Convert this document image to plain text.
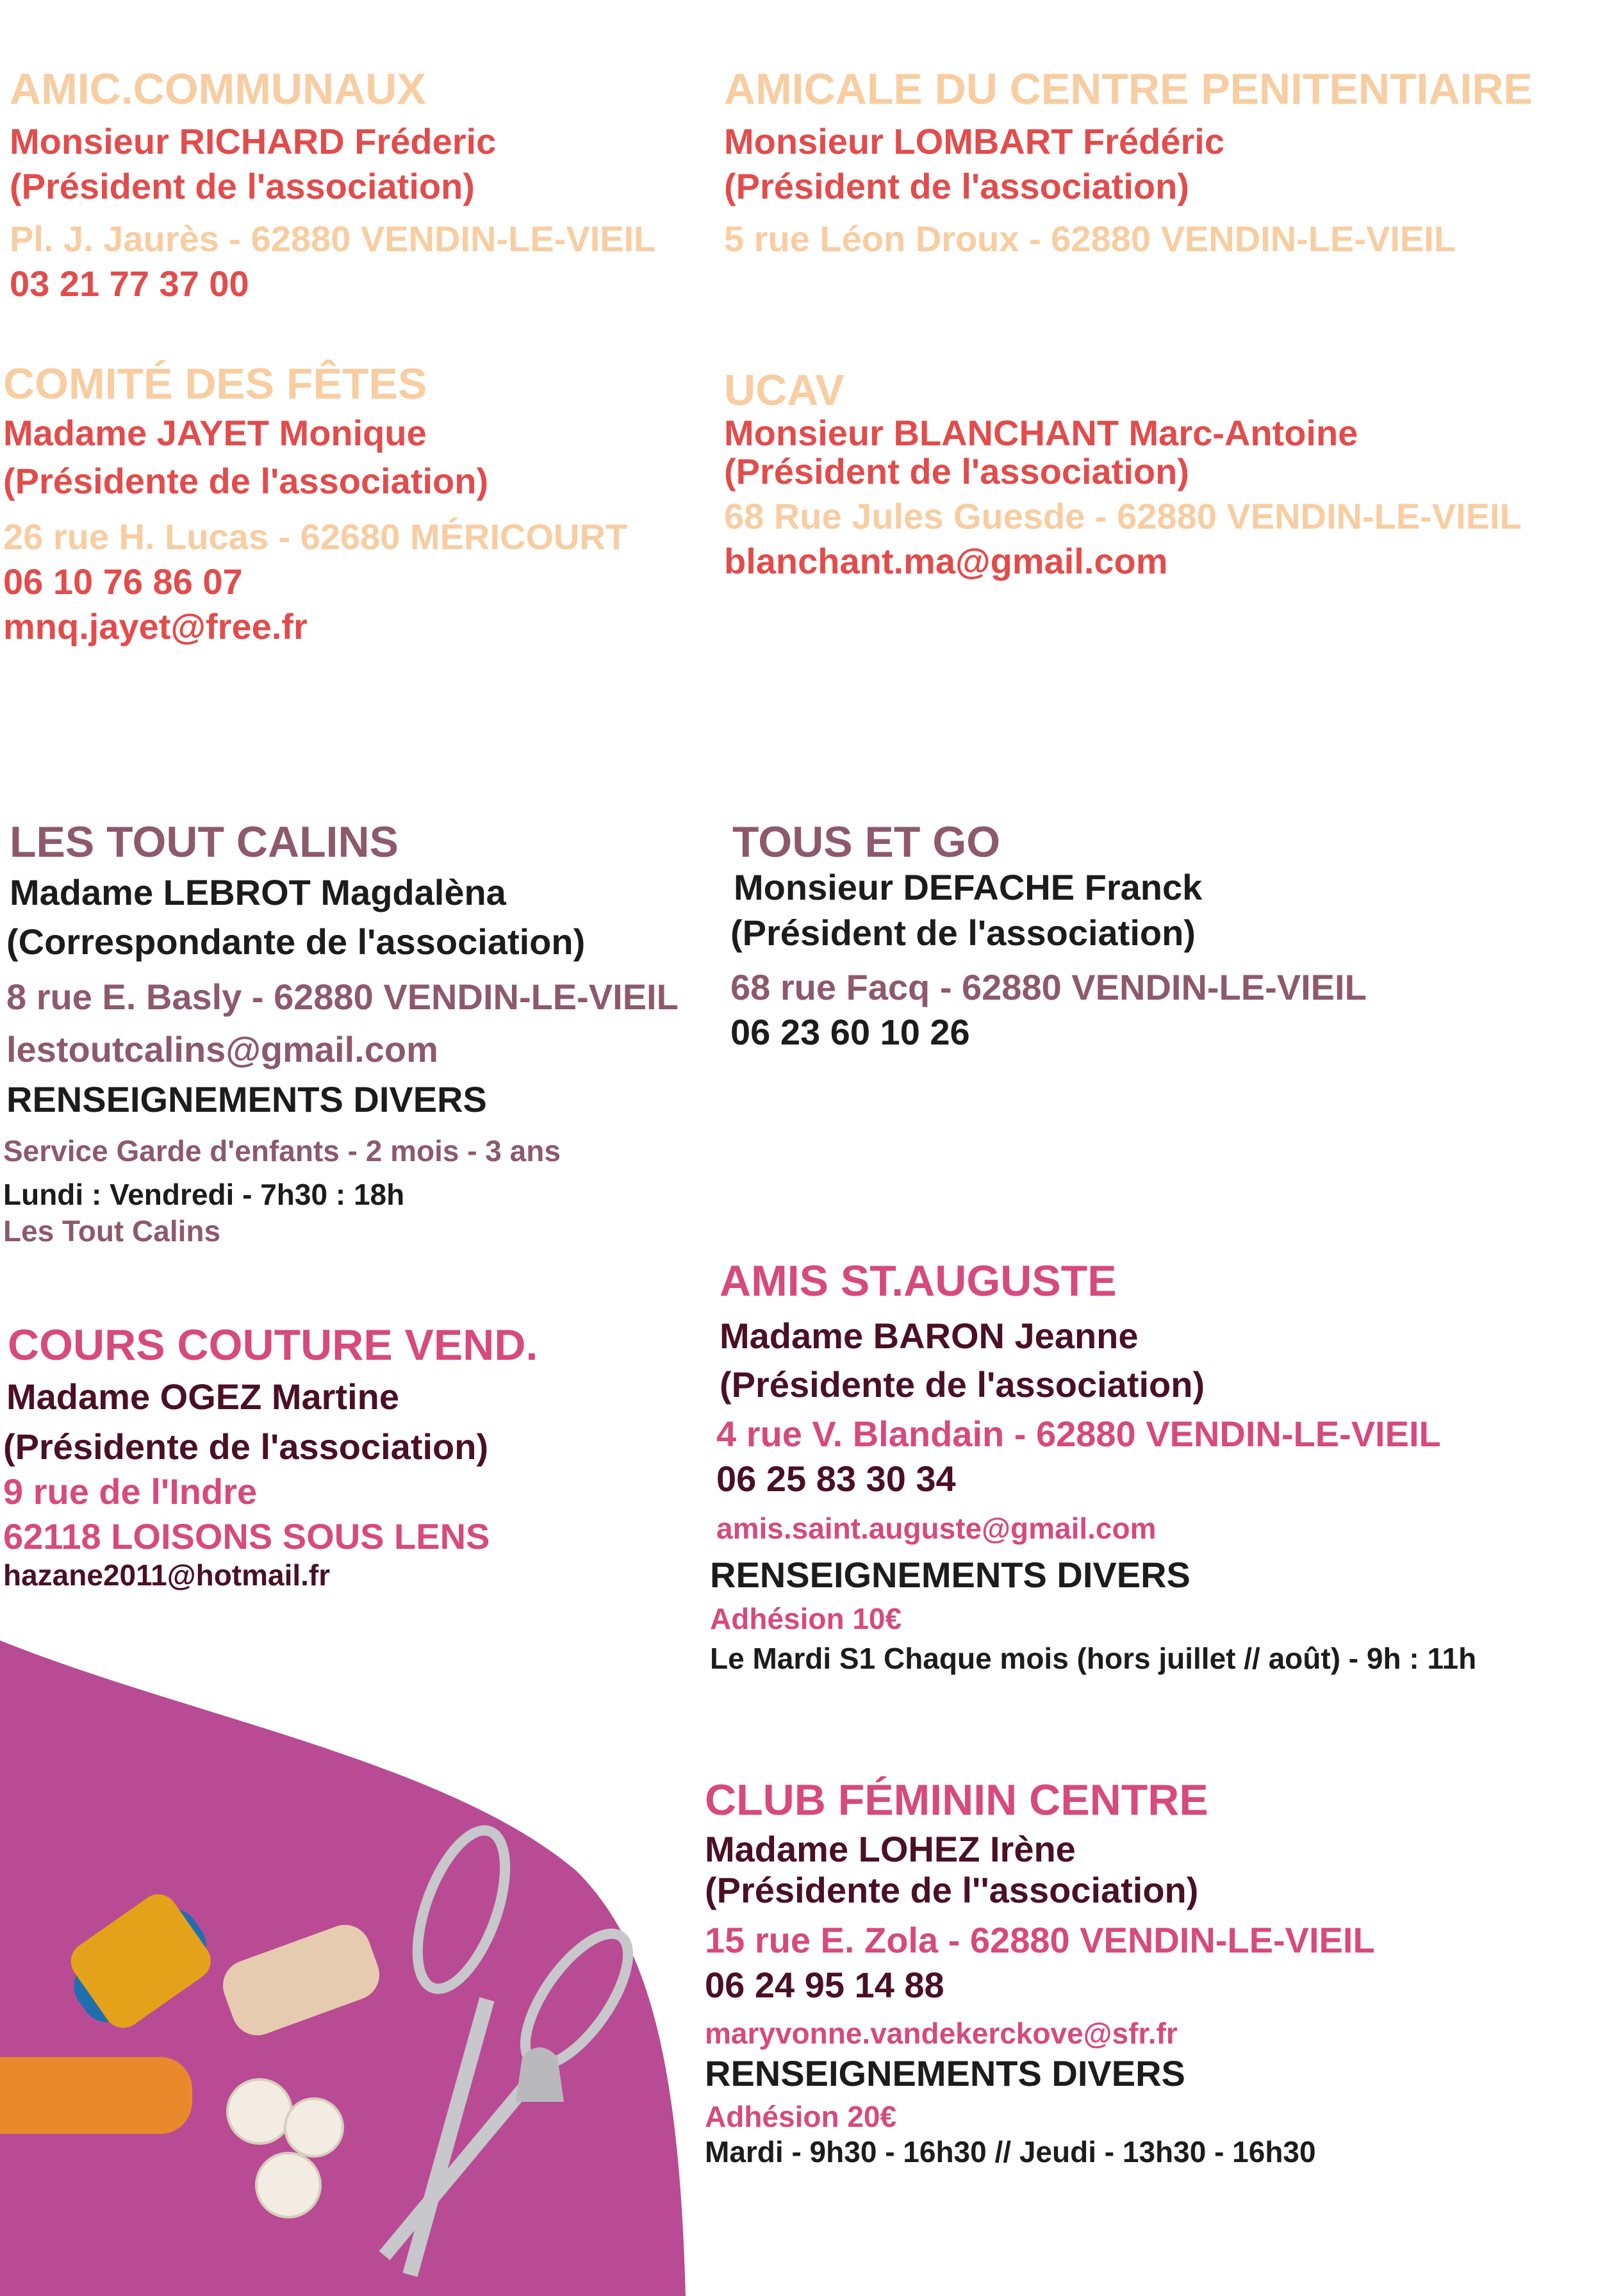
AMIC.COMMUNAUX
Monsieur RICHARD Fréderic
(Président de l'association)
Pl. J. Jaurès - 62880 VENDIN-LE-VIEIL
03 21 77 37 00
AMICALE DU CENTRE PENITENTIAIRE
Monsieur LOMBART Frédéric
(Président de l'association)
5 rue Léon Droux - 62880 VENDIN-LE-VIEIL
COMITÉ DES FÊTES
Madame JAYET Monique
(Présidente de l'association)
26 rue H. Lucas - 62680 MÉRICOURT
06 10 76 86 07
mnq.jayet@free.fr
UCAV
Monsieur BLANCHANT Marc-Antoine
(Président de l'association)
68 Rue Jules Guesde - 62880 VENDIN-LE-VIEIL
blanchant.ma@gmail.com
LES TOUT CALINS
Madame LEBROT Magdalèna
(Correspondante de l'association)
8 rue E. Basly - 62880 VENDIN-LE-VIEIL
lestoutcalins@gmail.com
RENSEIGNEMENTS DIVERS
Service Garde d'enfants - 2 mois - 3 ans
Lundi : Vendredi - 7h30 : 18h
Les Tout Calins
TOUS ET GO
Monsieur DEFACHE Franck
(Président de l'association)
68 rue Facq - 62880 VENDIN-LE-VIEIL
06 23 60 10 26
COURS COUTURE VEND.
Madame OGEZ Martine
(Présidente de l'association)
9 rue de l'Indre
62118 LOISONS SOUS LENS
hazane2011@hotmail.fr
AMIS ST.AUGUSTE
Madame BARON Jeanne
(Présidente de l'association)
4 rue V. Blandain - 62880 VENDIN-LE-VIEIL
06 25 83 30 34
amis.saint.auguste@gmail.com
RENSEIGNEMENTS DIVERS
Adhésion 10€
Le Mardi S1 Chaque mois (hors juillet // août) - 9h : 11h
CLUB FÉMININ CENTRE
Madame LOHEZ Irène
(Présidente de l''association)
15 rue E. Zola - 62880 VENDIN-LE-VIEIL
06 24 95 14 88
maryvonne.vandekerckove@sfr.fr
RENSEIGNEMENTS DIVERS
Adhésion 20€
Mardi - 9h30 - 16h30 // Jeudi - 13h30 - 16h30
